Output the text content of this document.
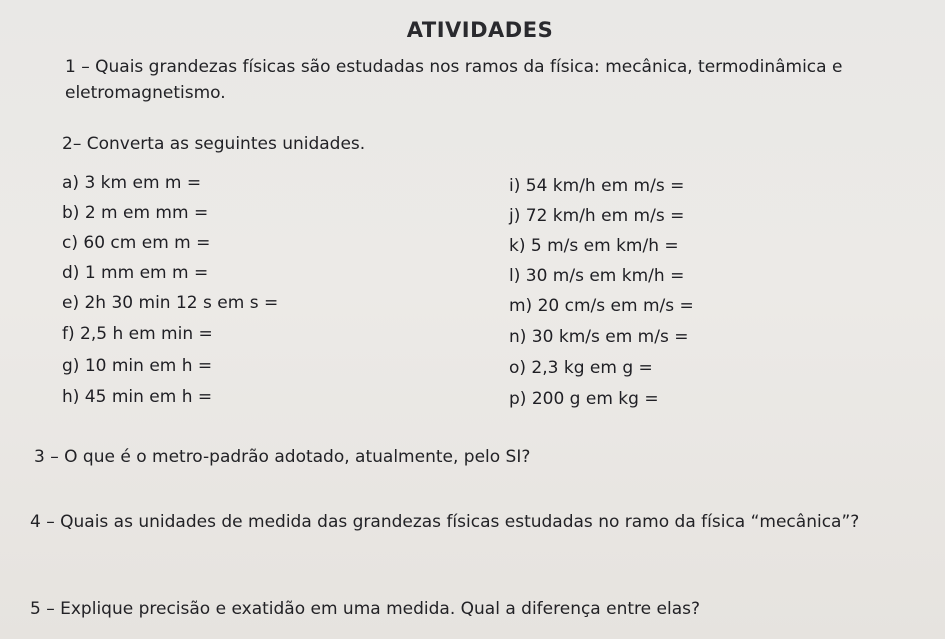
ATIVIDADES
1 – Quais grandezas físicas são estudadas nos ramos da física: mecânica, termodinâmica e eletromagnetismo.
2– Converta as seguintes unidades.
a) 3 km em m =
b) 2 m em mm =
c) 60 cm em m =
d) 1 mm em m =
e) 2h 30 min 12 s em s =
f) 2,5 h em min =
g) 10 min em h =
h) 45 min em h =
i) 54 km/h em m/s =
j) 72 km/h em m/s =
k) 5 m/s em km/h =
l) 30 m/s em km/h =
m) 20 cm/s em m/s =
n) 30 km/s em m/s =
o) 2,3 kg em g =
p) 200 g em kg =
3 – O que é o metro-padrão adotado, atualmente, pelo SI?
4 – Quais as unidades de medida das grandezas físicas estudadas no ramo da física “mecânica”?
5 – Explique precisão e exatidão em uma medida. Qual a diferença entre elas?
